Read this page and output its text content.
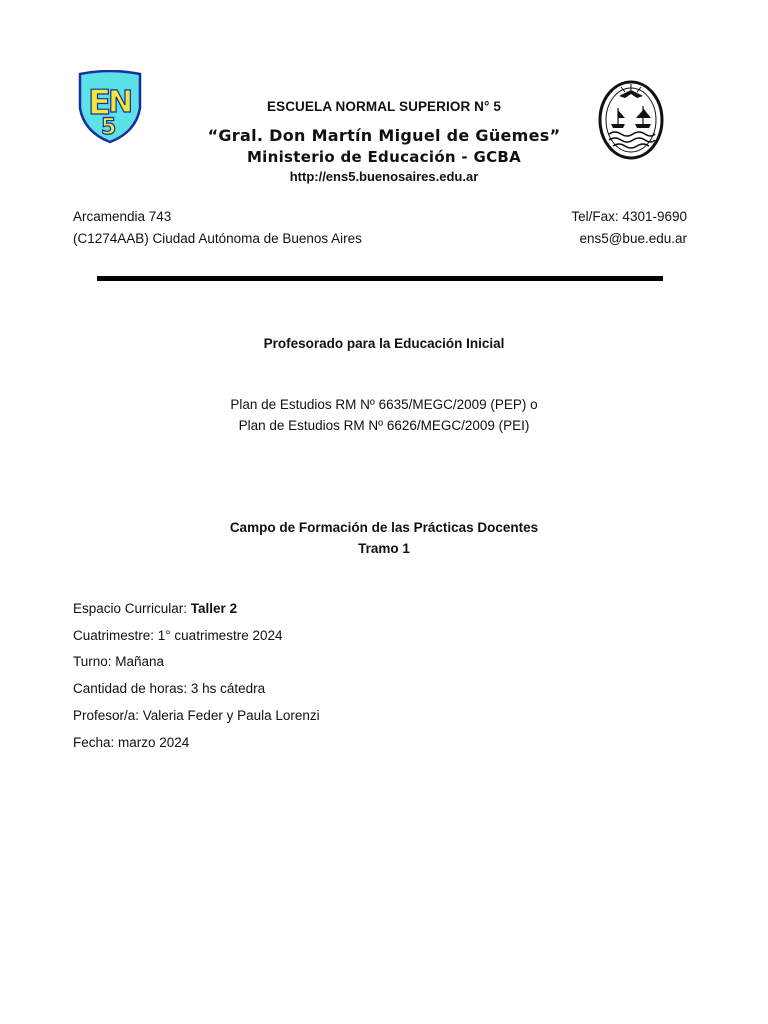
E
N
5
ESCUELA NORMAL SUPERIOR N° 5
“Gral. Don Martín Miguel de Güemes”
Ministerio de Educación - GCBA
http://ens5.buenosaires.edu.ar
Arcamendia 743
(C1274AAB) Ciudad Autónoma de Buenos Aires
Tel/Fax: 4301-9690
ens5@bue.edu.ar
Profesorado para la Educación Inicial
Plan de Estudios RM Nº 6635/MEGC/2009 (PEP) o
Plan de Estudios RM Nº 6626/MEGC/2009 (PEI)
Campo de Formación de las Prácticas Docentes
Tramo 1
Espacio Curricular: Taller 2
Cuatrimestre: 1° cuatrimestre 2024
Turno: Mañana
Cantidad de horas: 3 hs cátedra
Profesor/a: Valeria Feder y Paula Lorenzi
Fecha: marzo 2024
